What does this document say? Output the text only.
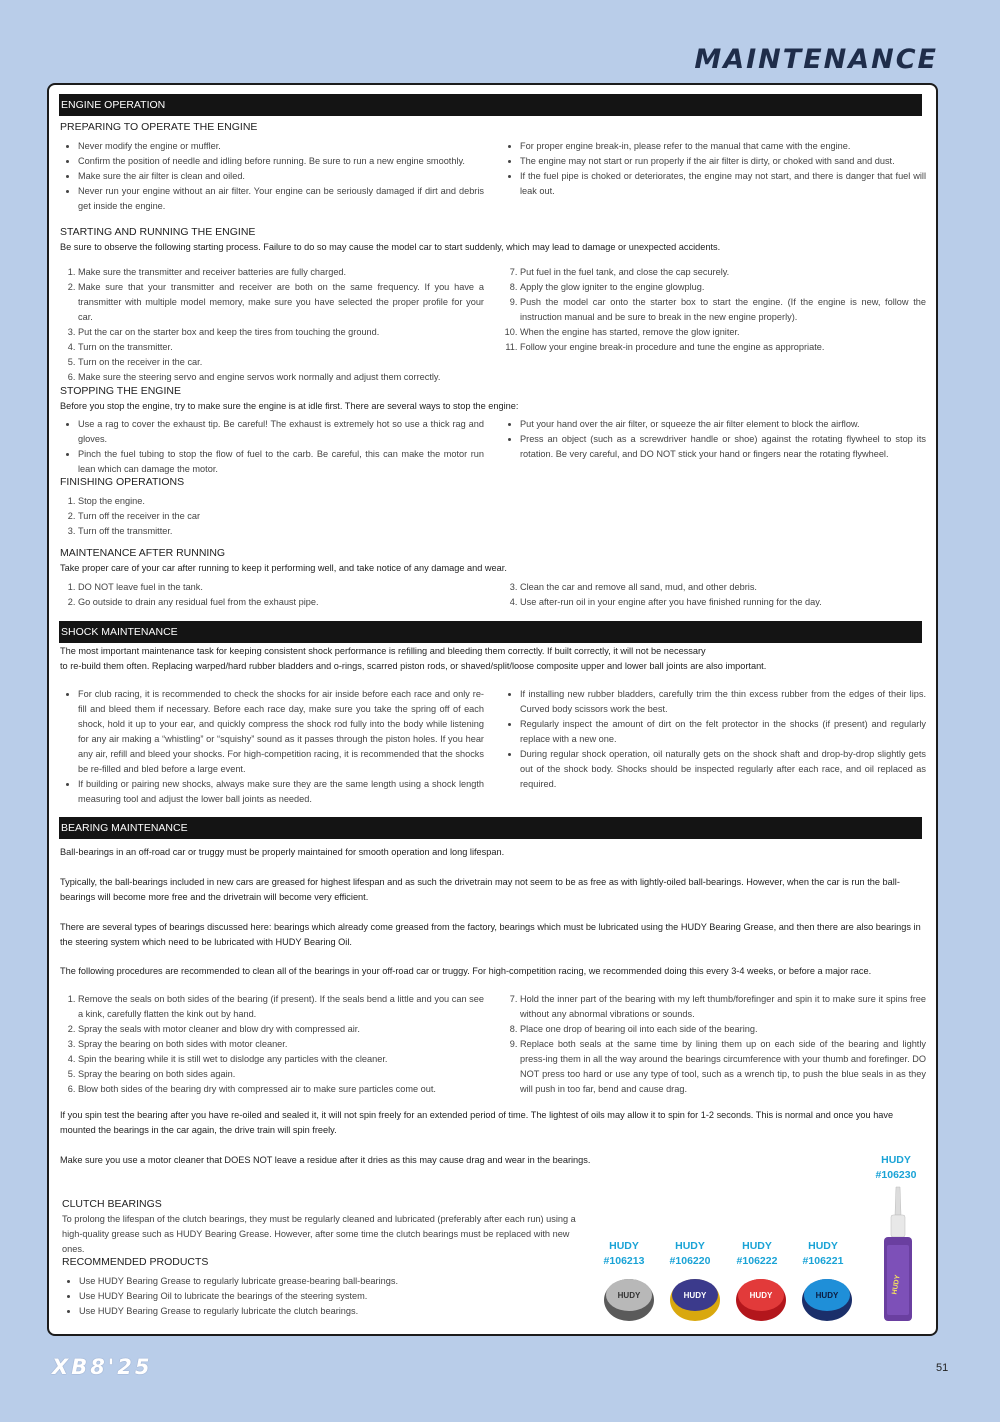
MAINTENANCE
ENGINE OPERATION
PREPARING TO OPERATE THE ENGINE
• Never modify the engine or muffler.
• Confirm the position of needle and idling before running. Be sure to run a new engine smoothly.
• Make sure the air filter is clean and oiled.
• Never run your engine without an air filter. Your engine can be seriously damaged if dirt and debris get inside the engine.
• For proper engine break-in, please refer to the manual that came with the engine.
• The engine may not start or run properly if the air filter is dirty, or choked with sand and dust.
• If the fuel pipe is choked or deteriorates, the engine may not start, and there is danger that fuel will leak out.
STARTING AND RUNNING THE ENGINE
Be sure to observe the following starting process. Failure to do so may cause the model car to start suddenly, which may lead to damage or unexpected accidents.
1. Make sure the transmitter and receiver batteries are fully charged.
2. Make sure that your transmitter and receiver are both on the same frequency. If you have a transmitter with multiple model memory, make sure you have selected the proper profile for your car.
3. Put the car on the starter box and keep the tires from touching the ground.
4. Turn on the transmitter.
5. Turn on the receiver in the car.
6. Make sure the steering servo and engine servos work normally and adjust them correctly.
7. Put fuel in the fuel tank, and close the cap securely.
8. Apply the glow igniter to the engine glowplug.
9. Push the model car onto the starter box to start the engine. (If the engine is new, follow the instruction manual and be sure to break in the new engine properly).
10. When the engine has started, remove the glow igniter.
11. Follow your engine break-in procedure and tune the engine as appropriate.
STOPPING THE ENGINE
Before you stop the engine, try to make sure the engine is at idle first. There are several ways to stop the engine:
• Use a rag to cover the exhaust tip. Be careful! The exhaust is extremely hot so use a thick rag and gloves.
• Pinch the fuel tubing to stop the flow of fuel to the carb. Be careful, this can make the motor run lean which can damage the motor.
• Put your hand over the air filter, or squeeze the air filter element to block the airflow.
• Press an object (such as a screwdriver handle or shoe) against the rotating flywheel to stop its rotation. Be very careful, and DO NOT stick your hand or fingers near the rotating flywheel.
FINISHING OPERATIONS
1. Stop the engine.
2. Turn off the receiver in the car
3. Turn off the transmitter.
MAINTENANCE AFTER RUNNING
Take proper care of your car after running to keep it performing well, and take notice of any damage and wear.
1. DO NOT leave fuel in the tank.
2. Go outside to drain any residual fuel from the exhaust pipe.
3. Clean the car and remove all sand, mud, and other debris.
4. Use after-run oil in your engine after you have finished running for the day.
SHOCK MAINTENANCE
The most important maintenance task for keeping consistent shock performance is refilling and bleeding them correctly. If built correctly, it will not be necessary
to re-build them often. Replacing warped/hard rubber bladders and o-rings, scarred piston rods, or shaved/split/loose composite upper and lower ball joints are also important.
• For club racing, it is recommended to check the shocks for air inside before each race and only re-fill and bleed them if necessary. Before each race day, make sure you take the spring off of each shock, hold it up to your ear, and quickly compress the shock rod fully into the body while listening for any air making a “whistling” or “squishy” sound as it passes through the piston holes. If you hear any air, refill and bleed your shocks. For high-competition racing, it is recommended that the shocks be re-filled and bled before a large event.
• If building or pairing new shocks, always make sure they are the same length using a shock length measuring tool and adjust the lower ball joints as needed.
• If installing new rubber bladders, carefully trim the thin excess rubber from the edges of their lips. Curved body scissors work the best.
• Regularly inspect the amount of dirt on the felt protector in the shocks (if present) and regularly replace with a new one.
• During regular shock operation, oil naturally gets on the shock shaft and drop-by-drop slightly gets out of the shock body. Shocks should be inspected regularly after each race, and oil replaced as required.
BEARING MAINTENANCE
Ball-bearings in an off-road car or truggy must be properly maintained for smooth operation and long lifespan.
Typically, the ball-bearings included in new cars are greased for highest lifespan and as such the drivetrain may not seem to be as free as with lightly-oiled ball-bearings. However, when the car is run the ball-bearings will become more free and the drivetrain will become very efficient.
There are several types of bearings discussed here: bearings which already come greased from the factory, bearings which must be lubricated using the HUDY Bearing Grease, and then there are also bearings in the steering system which need to be lubricated with HUDY Bearing Oil.
The following procedures are recommended to clean all of the bearings in your off-road car or truggy. For high-competition racing, we recommended doing this every 3-4 weeks, or before a major race.
1. Remove the seals on both sides of the bearing (if present). If the seals bend a little and you can see a kink, carefully flatten the kink out by hand.
2. Spray the seals with motor cleaner and blow dry with compressed air.
3. Spray the bearing on both sides with motor cleaner.
4. Spin the bearing while it is still wet to dislodge any particles with the cleaner.
5. Spray the bearing on both sides again.
6. Blow both sides of the bearing dry with compressed air to make sure particles come out.
7. Hold the inner part of the bearing with my left thumb/forefinger and spin it to make sure it spins free without any abnormal vibrations or sounds.
8. Place one drop of bearing oil into each side of the bearing.
9. Replace both seals at the same time by lining them up on each side of the bearing and lightly press-ing them in all the way around the bearings circumference with your thumb and forefinger. DO NOT press too hard or use any type of tool, such as a wrench tip, to push the blue seals in as they will push in too far, bend and cause drag.
If you spin test the bearing after you have re-oiled and sealed it, it will not spin freely for an extended period of time. The lightest of oils may allow it to spin for 1-2 seconds. This is normal and once you have mounted the bearings in the car again, the drive train will spin freely.
Make sure you use a motor cleaner that DOES NOT leave a residue after it dries as this may cause drag and wear in the bearings.
CLUTCH BEARINGS
To prolong the lifespan of the clutch bearings, they must be regularly cleaned and lubricated (preferably after each run) using a high-quality grease such as HUDY Bearing Grease. However, after some time the clutch bearings must be replaced with new ones.
RECOMMENDED PRODUCTS
• Use HUDY Bearing Grease to regularly lubricate grease-bearing ball-bearings.
• Use HUDY Bearing Oil to lubricate the bearings of the steering system.
• Use HUDY Bearing Grease to regularly lubricate the clutch bearings.
HUDY
#106213
HUDY
#106220
HUDY
#106222
HUDY
#106221
HUDY
#106230
HUDY	HUDY	HUDY	HUDY
HUDY
XB8'25	51
